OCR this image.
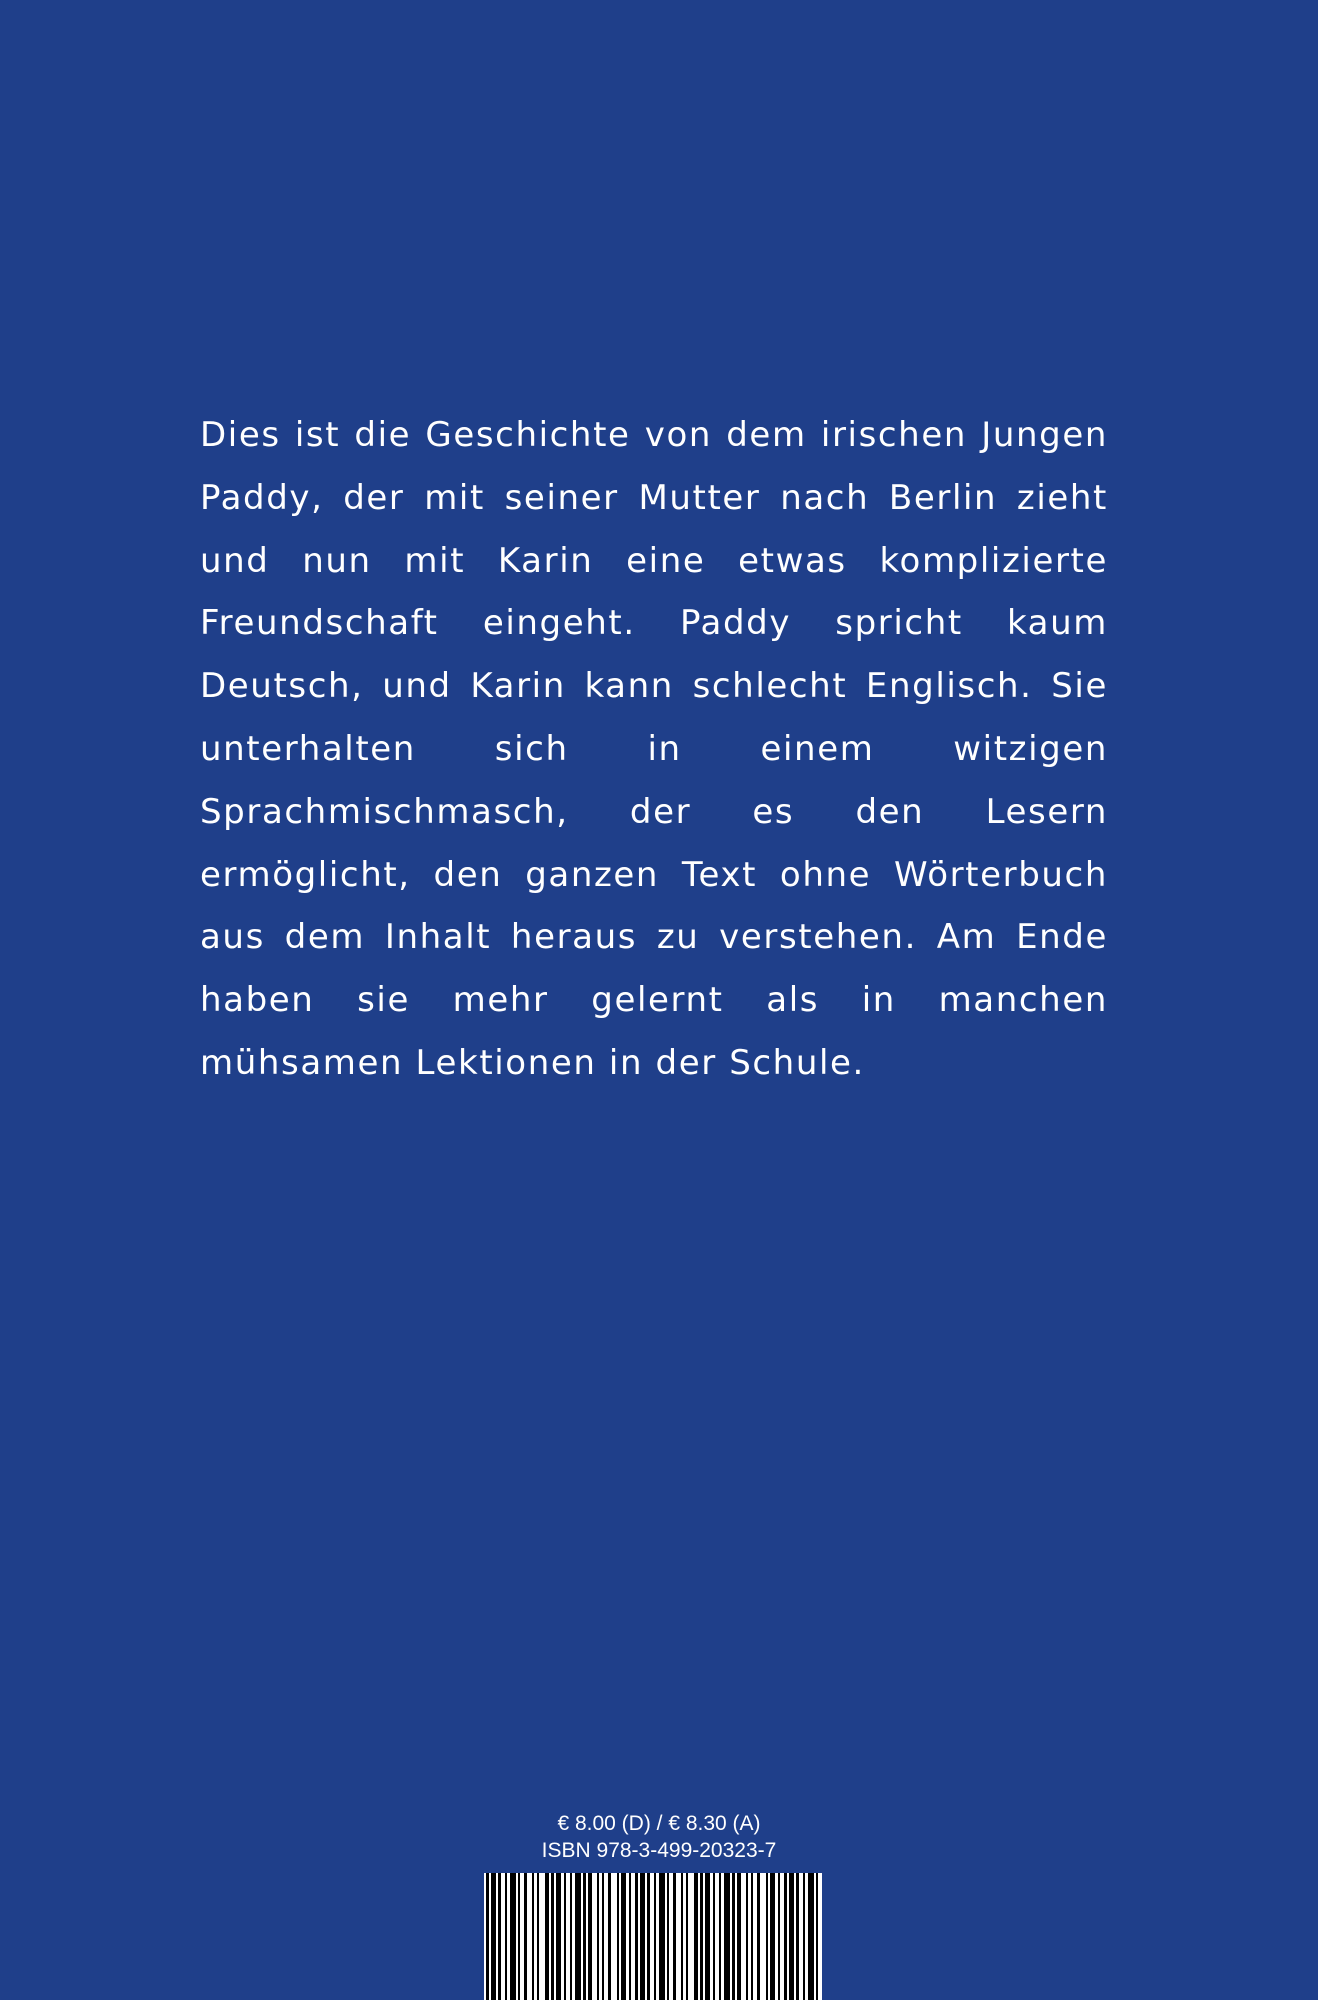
Dies ist die Geschichte von dem irischen Jungen Paddy, der mit seiner Mutter nach Berlin zieht und nun mit Karin eine etwas komplizierte Freundschaft eingeht. Paddy spricht kaum Deutsch, und Karin kann schlecht Englisch. Sie unterhalten sich in einem witzigen Sprachmischmasch, der es den Lesern ermöglicht, den ganzen Text ohne Wörterbuch aus dem Inhalt heraus zu verstehen. Am Ende haben sie mehr gelernt als in manchen mühsamen Lektionen in der Schule.

€ 8.00 (D) / € 8.30 (A)
ISBN 978-3-499-20323-7
